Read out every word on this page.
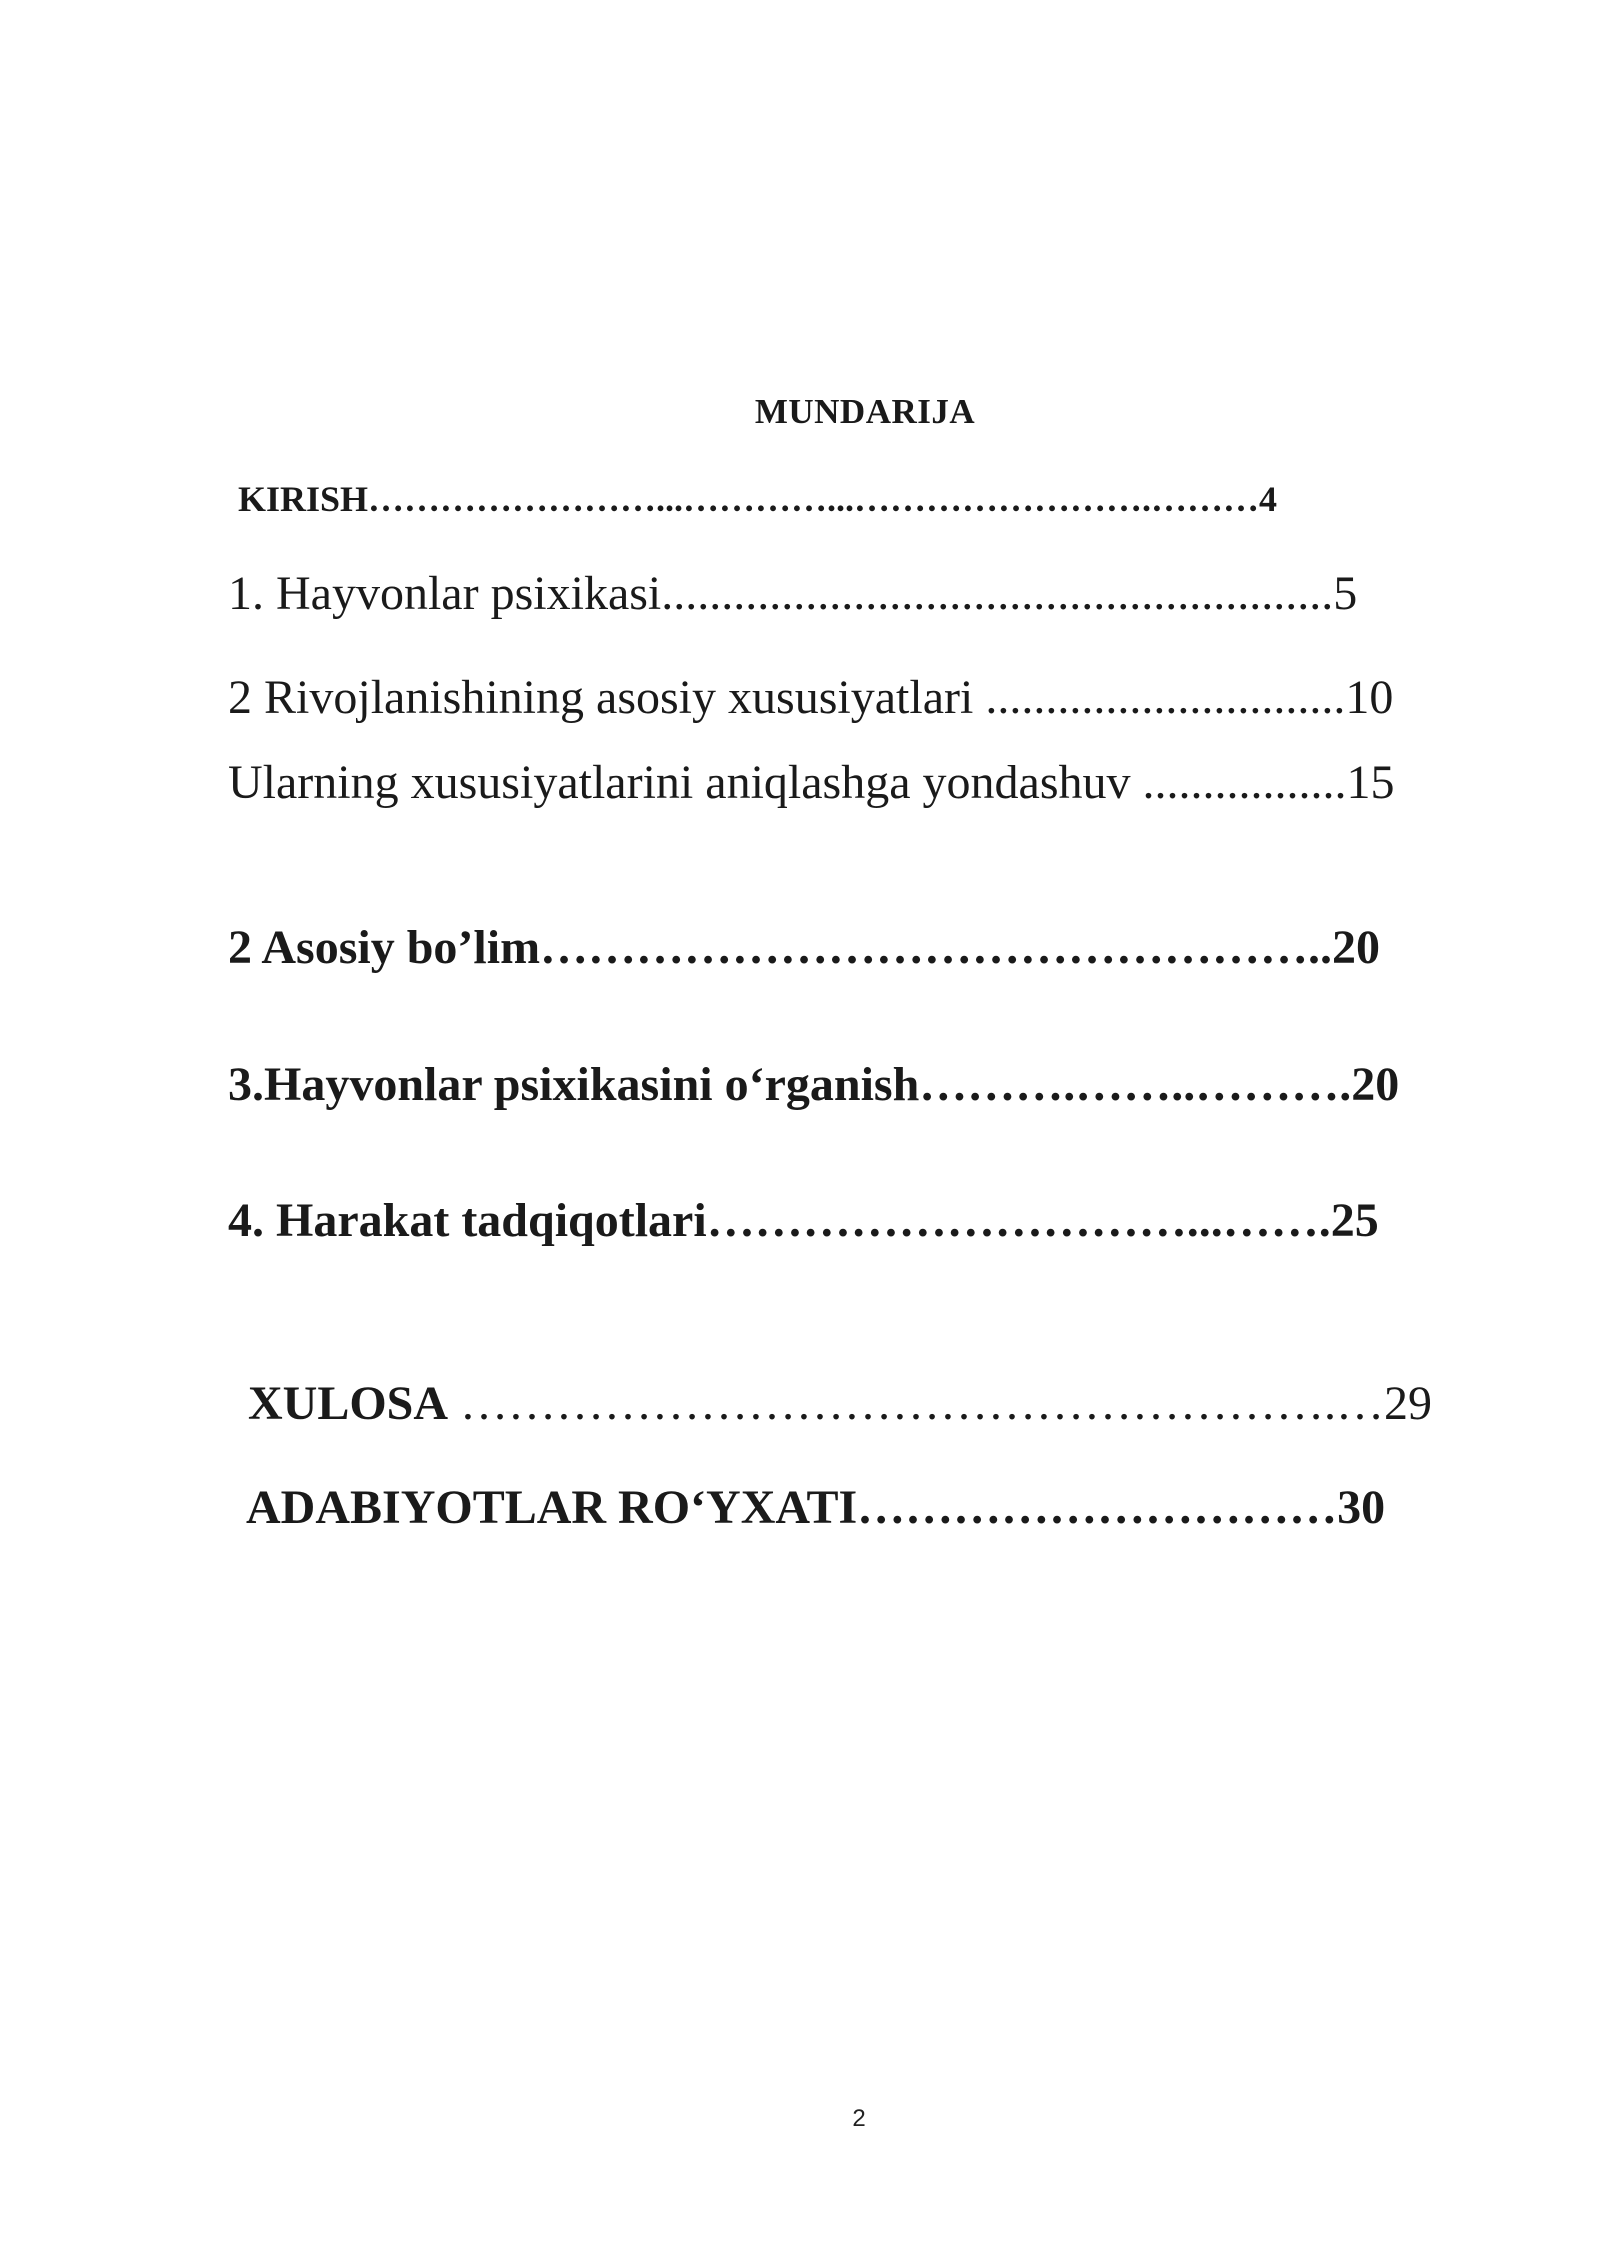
MUNDARIJA
KIRISH……………………...…………...…………………….………4
1. Hayvonlar psixikasi........................................................5
2 Rivojlanishining asosiy xususiyatlari ..............................10
Ularning xususiyatlarini aniqlashga yondashuv .................15
2 Asosiy bo’lim…………………………………………..20
3.Hayvonlar psixikasini o‘rganish……….……..……….20
4. Harakat tadqiqotlari…………………………...…….25
XULOSA ……………………………………………….…29
ADABIYOTLAR RO‘YXATI…………………………30
2
